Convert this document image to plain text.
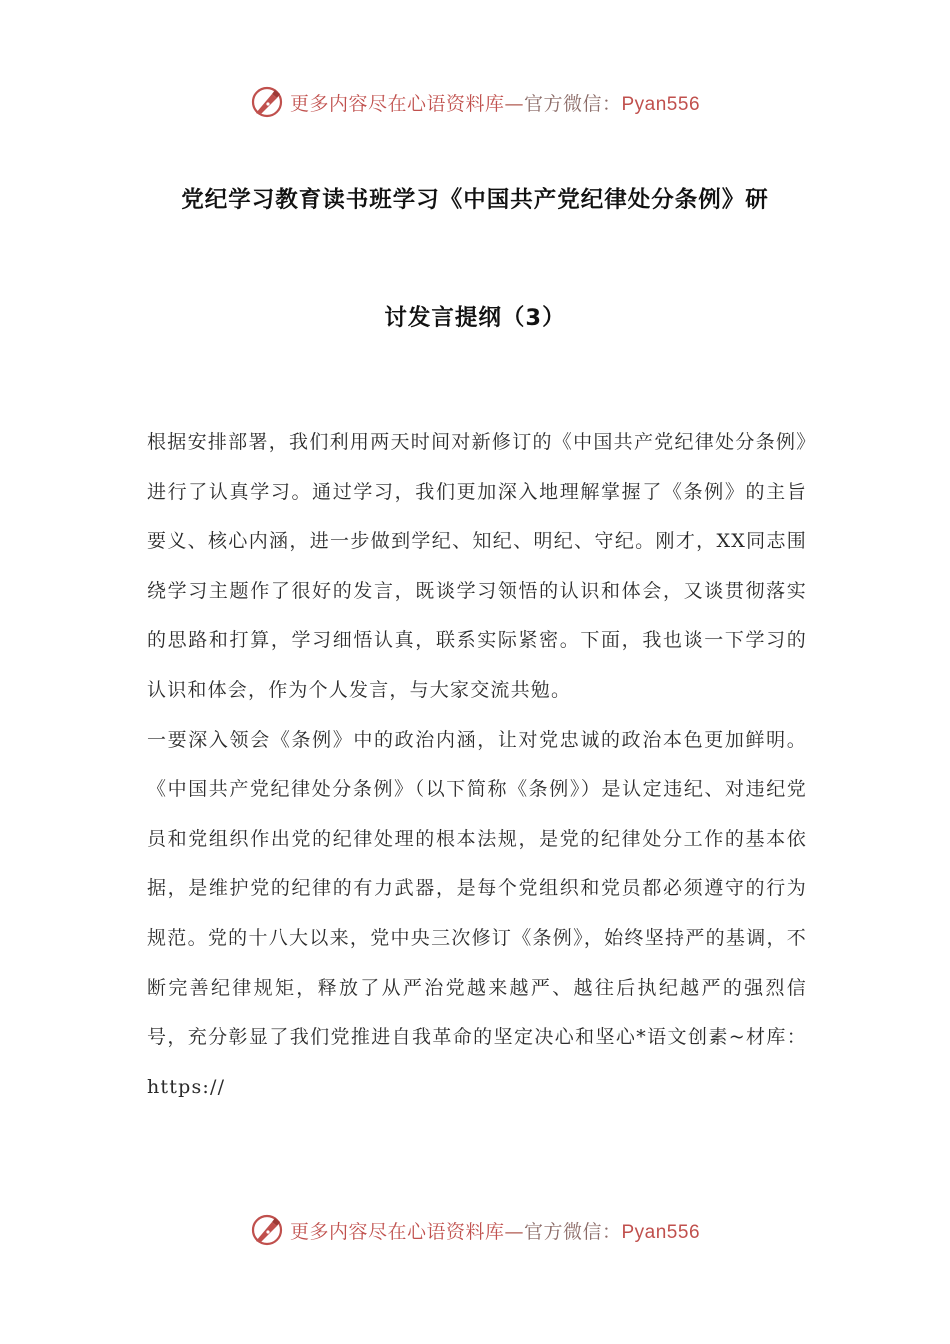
更多内容尽在心语资料库—官方微信：Pyan556
党纪学习教育读书班学习《中国共产党纪律处分条例》研
讨发言提纲（3）

根据安排部署，我们利用两天时间对新修订的《中国共产党纪律处分条例》进行了认真学习。通过学习，我们更加深入地理解掌握了《条例》的主旨要义、核心内涵，进一步做到学纪、知纪、明纪、守纪。刚才，XX同志围绕学习主题作了很好的发言，既谈学习领悟的认识和体会，又谈贯彻落实的思路和打算，学习细悟认真，联系实际紧密。下面，我也谈一下学习的认识和体会，作为个人发言，与大家交流共勉。

一要深入领会《条例》中的政治内涵，让对党忠诚的政治本色更加鲜明。《中国共产党纪律处分条例》（以下简称《条例》）是认定违纪、对违纪党员和党组织作出党的纪律处理的根本法规，是党的纪律处分工作的基本依据，是维护党的纪律的有力武器，是每个党组织和党员都必须遵守的行为规范。党的十八大以来，党中央三次修订《条例》，始终坚持严的基调，不断完善纪律规矩，释放了从严治党越来越严、越往后执纪越严的强烈信号，充分彰显了我们党推进自我革命的坚定决心和坚心*语文创素~材库：https://

更多内容尽在心语资料库—官方微信：Pyan556
